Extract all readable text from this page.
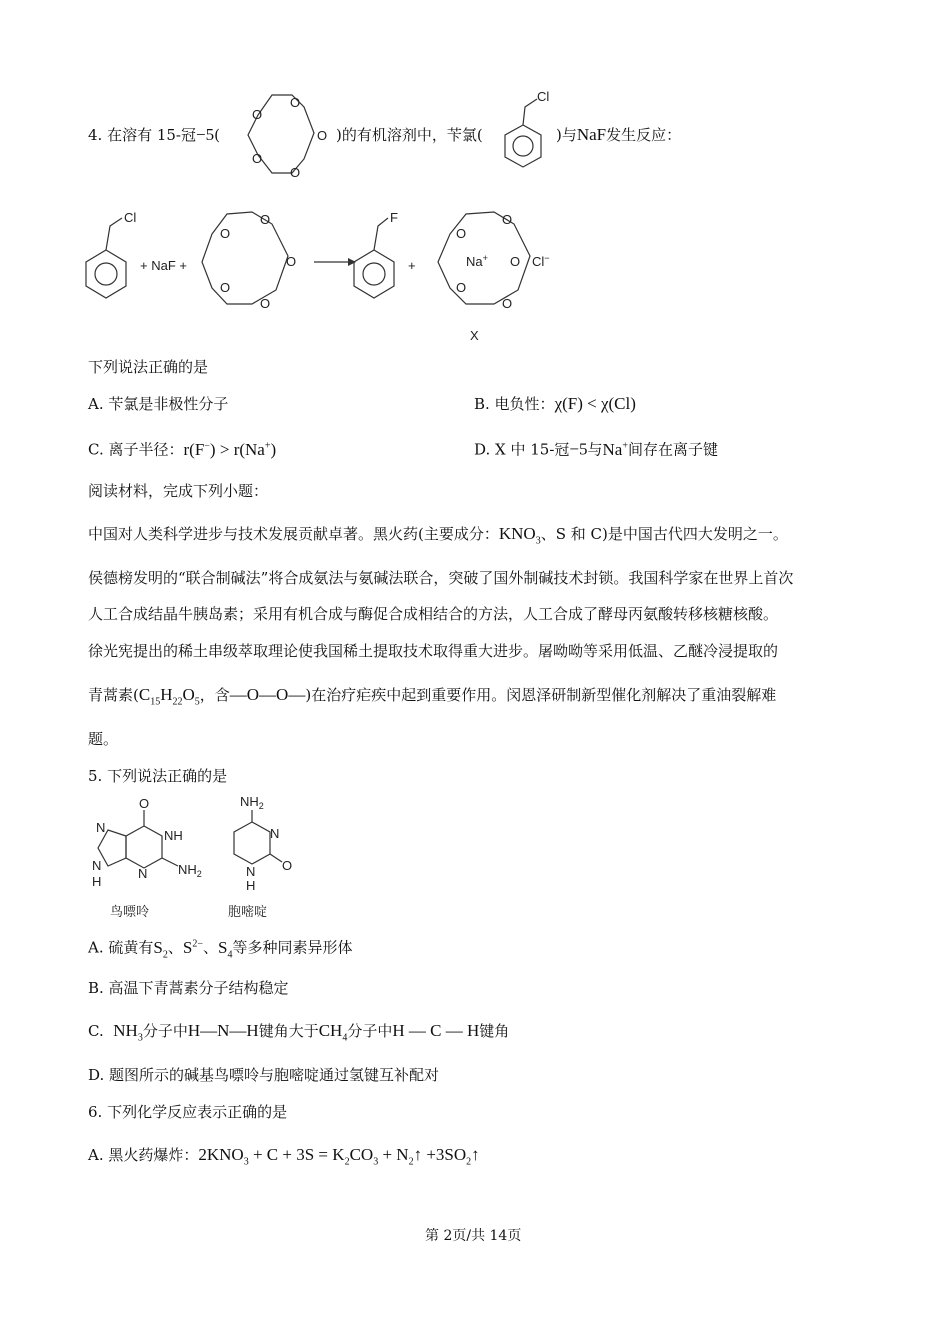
4. 在溶有 15-冠−5(
O
O
O
O
O
)的有机溶剂中，苄氯(
Cl
)与NaF发生反应：
Cl
+ NaF +
O
O
O
O
O
F
+
O
O
O
O
O
Na+	Cl−
X
下列说法正确的是
A. 苄氯是非极性分子	B. 电负性：χ(F) < χ(Cl)
C. 离子半径：r(F−) > r(Na+)	D. X 中 15-冠−5与Na+间存在离子键
阅读材料，完成下列小题：
中国对人类科学进步与技术发展贡献卓著。黑火药(主要成分：$KNO_3$、S 和 C)是中国古代四大发明之一。
侯德榜发明的“联合制碱法”将合成氨法与氨碱法联合，突破了国外制碱技术封锁。我国科学家在世界上首次
人工合成结晶牛胰岛素；采用有机合成与酶促合成相结合的方法，人工合成了酵母丙氨酸转移核糖核酸。
徐光宪提出的稀土串级萃取理论使我国稀土提取技术取得重大进步。屠呦呦等采用低温、乙醚冷浸提取的
青蒿素($C_{15}H_{22}O_5$，含—O—O—)在治疗疟疾中起到重要作用。闵恩泽研制新型催化剂解决了重油裂解难
题。
5. 下列说法正确的是
O
NH
N $NH_2$
N
N
H
鸟嘌呤
$NH_2$
N
N
H
O
胞嘧啶
A. 硫黄有$S_2$、$S^{2-}$、$S_4$等多种同素异形体
B. 高温下青蒿素分子结构稳定
C. $NH_3$分子中H—N—H键角大于$CH_4$分子中H — C — H键角
D. 题图所示的碱基鸟嘌呤与胞嘧啶通过氢键互补配对
6. 下列化学反应表示正确的是
A. 黑火药爆炸：$2KNO_3 + C + 3S = K_2CO_3$ + $N_2↑$ $+3SO_2↑$
第 2页/共 14页
